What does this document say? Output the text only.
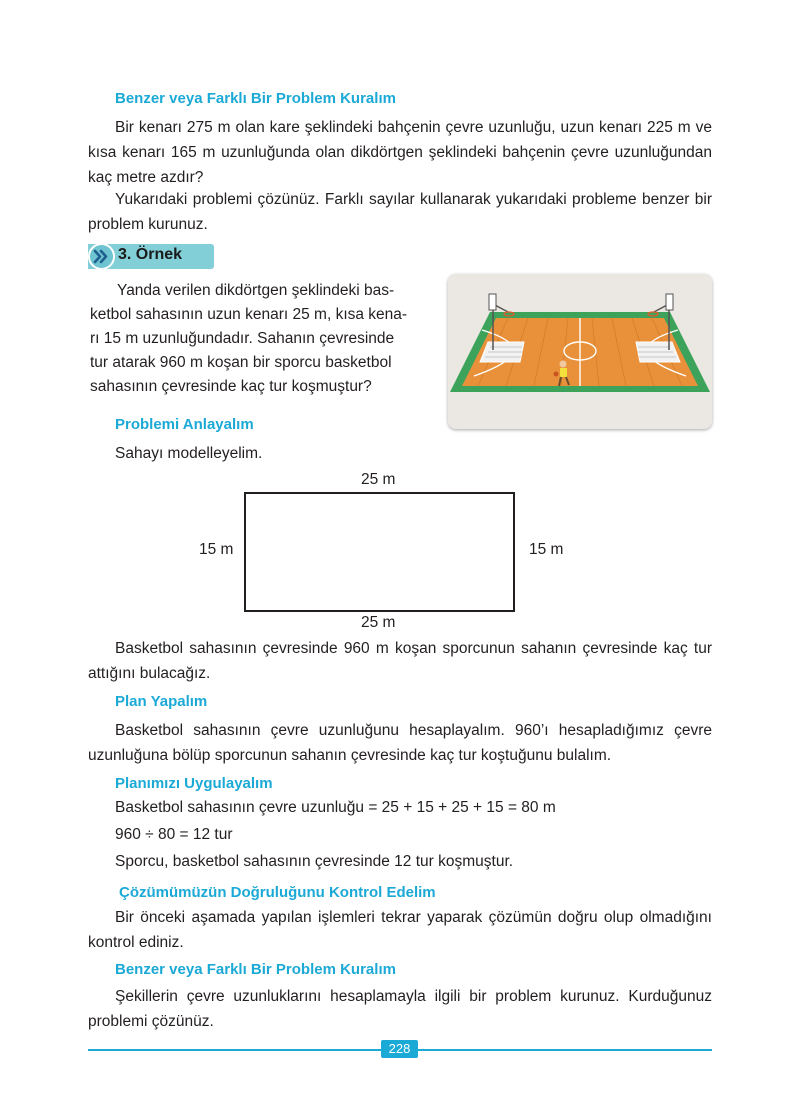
Benzer veya Farklı Bir Problem Kuralım
Bir kenarı 275 m olan kare şeklindeki bahçenin çevre uzunluğu, uzun kenarı 225 m ve kısa kenarı 165 m uzunluğunda olan dikdörtgen şeklindeki bahçenin çevre uzunluğundan kaç metre azdır?
Yukarıdaki problemi çözünüz. Farklı sayılar kullanarak yukarıdaki probleme benzer bir problem kurunuz.
3. Örnek
Yanda verilen dikdörtgen şeklindeki bas-
ketbol sahasının uzun kenarı 25 m, kısa kena-
rı 15 m uzunluğundadır. Sahanın çevresinde
tur atarak 960 m koşan bir sporcu basketbol
sahasının çevresinde kaç tur koşmuştur?
Problemi Anlayalım
Sahayı modelleyelim.
25 m
15 m	15 m
25 m
Basketbol sahasının çevresinde 960 m koşan sporcunun sahanın çevresinde kaç tur attığını bulacağız.
Plan Yapalım
Basketbol sahasının çevre uzunluğunu hesaplayalım. 960’ı hesapladığımız çevre uzunluğuna bölüp sporcunun sahanın çevresinde kaç tur koştuğunu bulalım.
Planımızı Uygulayalım
Basketbol sahasının çevre uzunluğu = 25 + 15 + 25 + 15 = 80 m
960 ÷ 80 = 12 tur
Sporcu, basketbol sahasının çevresinde 12 tur koşmuştur.
Çözümümüzün Doğruluğunu Kontrol Edelim
Bir önceki aşamada yapılan işlemleri tekrar yaparak çözümün doğru olup olmadığını kontrol ediniz.
Benzer veya Farklı Bir Problem Kuralım
Şekillerin çevre uzunluklarını hesaplamayla ilgili bir problem kurunuz. Kurduğunuz problemi çözünüz.
228
